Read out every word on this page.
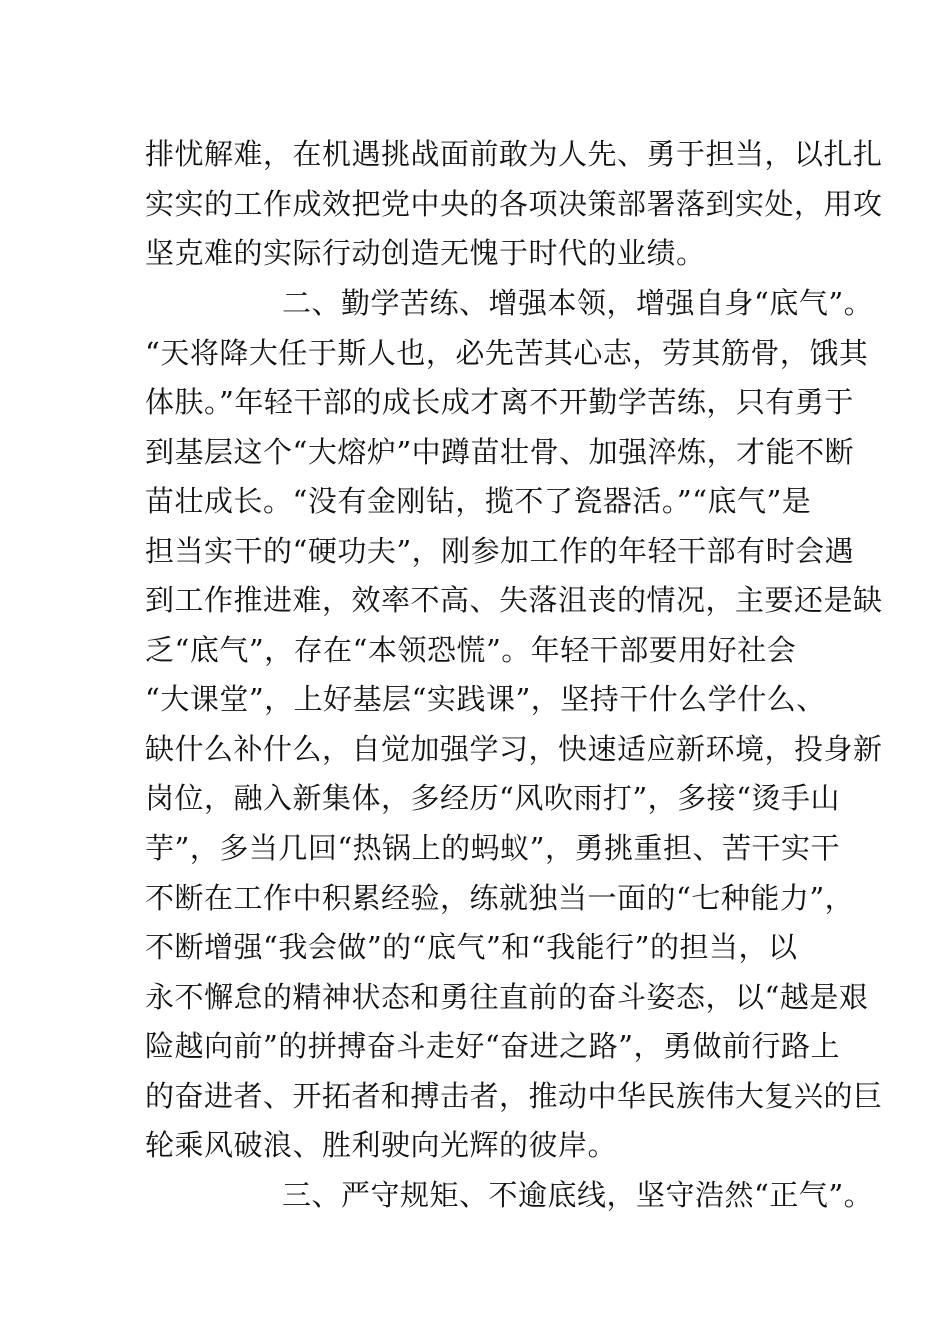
排忧解难，在机遇挑战面前敢为人先、勇于担当，以扎扎
实实的工作成效把党中央的各项决策部署落到实处，用攻
坚克难的实际行动创造无愧于时代的业绩。
二、勤学苦练、增强本领，增强自身“底气”。
“天将降大任于斯人也，必先苦其心志，劳其筋骨，饿其
体肤。”年轻干部的成长成才离不开勤学苦练，只有勇于
到基层这个“大熔炉”中蹲苗壮骨、加强淬炼，才能不断
苗壮成长。“没有金刚钻，揽不了瓷器活。”“底气”是
担当实干的“硬功夫”，刚参加工作的年轻干部有时会遇
到工作推进难，效率不高、失落沮丧的情况，主要还是缺
乏“底气”，存在“本领恐慌”。年轻干部要用好社会
“大课堂”，上好基层“实践课”，坚持干什么学什么、
缺什么补什么，自觉加强学习，快速适应新环境，投身新
岗位，融入新集体，多经历“风吹雨打”，多接“烫手山
芋”，多当几回“热锅上的蚂蚁”，勇挑重担、苦干实干
不断在工作中积累经验，练就独当一面的“七种能力”，
不断增强“我会做”的“底气”和“我能行”的担当，以
永不懈怠的精神状态和勇往直前的奋斗姿态，以“越是艰
险越向前”的拼搏奋斗走好“奋进之路”，勇做前行路上
的奋进者、开拓者和搏击者，推动中华民族伟大复兴的巨
轮乘风破浪、胜利驶向光辉的彼岸。
三、严守规矩、不逾底线，坚守浩然“正气”。
